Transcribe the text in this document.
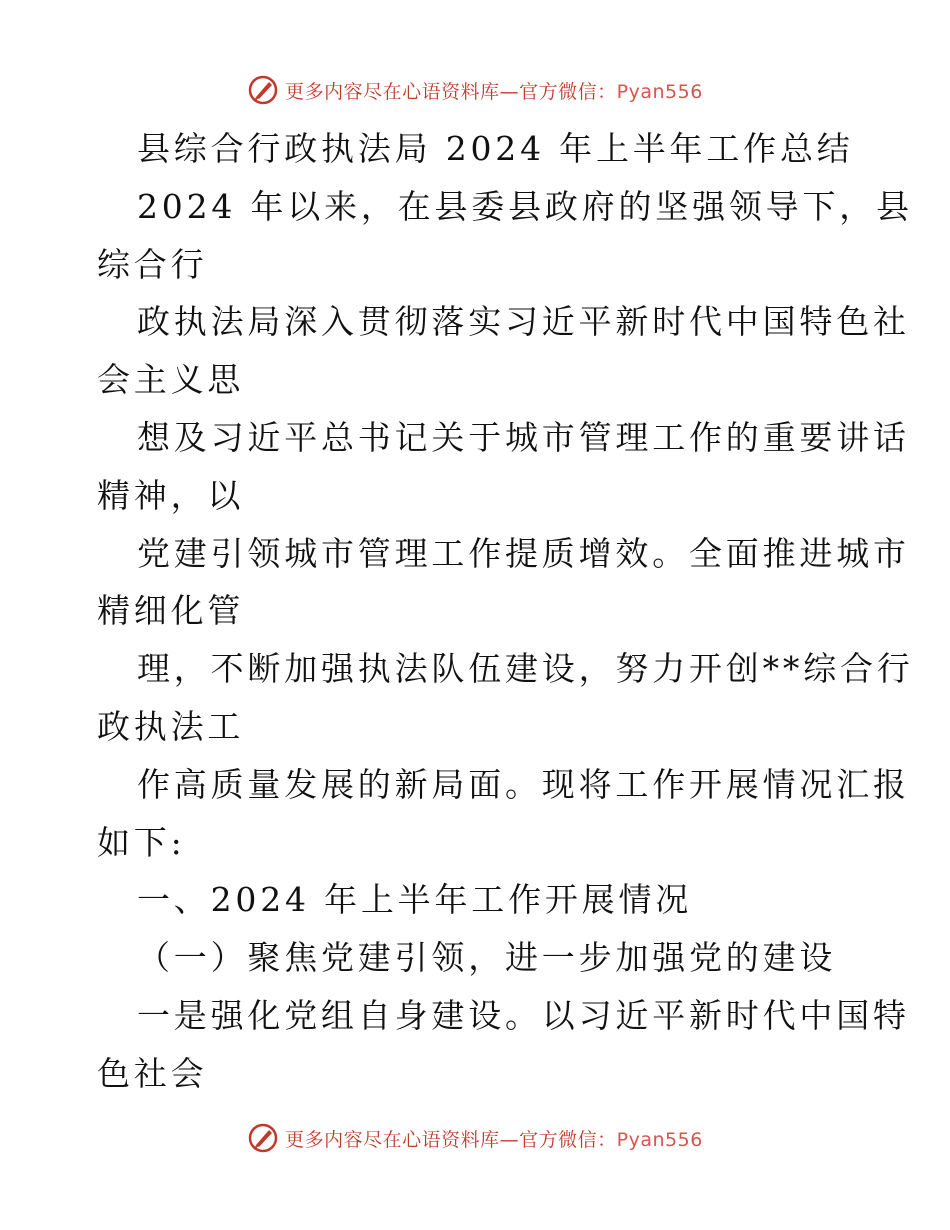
更多内容尽在心语资料库—官方微信：Pyan556
县综合行政执法局 2024 年上半年工作总结
2024 年以来，在县委县政府的坚强领导下，县
综合行
政执法局深入贯彻落实习近平新时代中国特色社
会主义思
想及习近平总书记关于城市管理工作的重要讲话
精神，以
党建引领城市管理工作提质增效。全面推进城市
精细化管
理，不断加强执法队伍建设，努力开创**综合行
政执法工
作高质量发展的新局面。现将工作开展情况汇报
如下:
一、2024 年上半年工作开展情况
（一）聚焦党建引领，进一步加强党的建设
一是强化党组自身建设。以习近平新时代中国特
色社会
更多内容尽在心语资料库—官方微信：Pyan556
